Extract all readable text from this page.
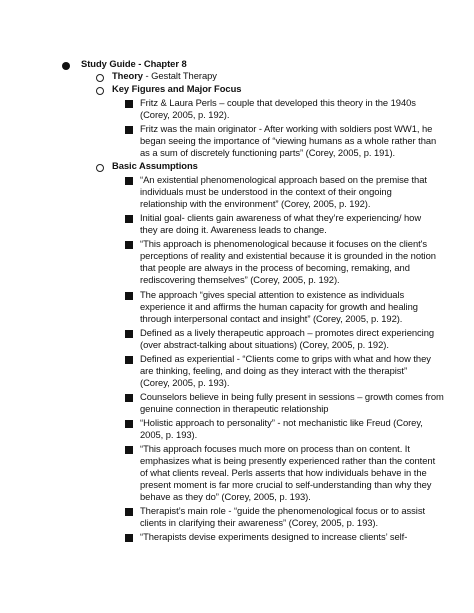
Study Guide - Chapter 8
Theory - Gestalt Therapy
Key Figures and Major Focus
Fritz & Laura Perls – couple that developed this theory in the 1940s
(Corey, 2005, p. 192).
Fritz was the main originator - After working with soldiers post WW1, he
began seeing the importance of “viewing humans as a whole rather than
as a sum of discretely functioning parts” (Corey, 2005, p. 191).
Basic Assumptions
“An existential phenomenological approach based on the premise that
individuals must be understood in the context of their ongoing
relationship with the environment” (Corey, 2005, p. 192).
Initial goal- clients gain awareness of what they’re experiencing/ how
they are doing it. Awareness leads to change.
“This approach is phenomenological because it focuses on the client's
perceptions of reality and existential because it is grounded in the notion
that people are always in the process of becoming, remaking, and
rediscovering themselves” (Corey, 2005, p. 192).
The approach “gives special attention to existence as individuals
experience it and affirms the human capacity for growth and healing
through interpersonal contact and insight” (Corey, 2005, p. 192).
Defined as a lively therapeutic approach – promotes direct experiencing
(over abstract-talking about situations) (Corey, 2005, p. 192).
Defined as experiential - “Clients come to grips with what and how they
are thinking, feeling, and doing as they interact with the therapist”
(Corey, 2005, p. 193).
Counselors believe in being fully present in sessions – growth comes from
genuine connection in therapeutic relationship
“Holistic approach to personality” - not mechanistic like Freud (Corey,
2005, p. 193).
“This approach focuses much more on process than on content. It
emphasizes what is being presently experienced rather than the content
of what clients reveal. Perls asserts that how individuals behave in the
present moment is far more crucial to self-understanding than why they
behave as they do” (Corey, 2005, p. 193).
Therapist’s main role - “guide the phenomenological focus or to assist
clients in clarifying their awareness” (Corey, 2005, p. 193).
“Therapists devise experiments designed to increase clients’ self-
